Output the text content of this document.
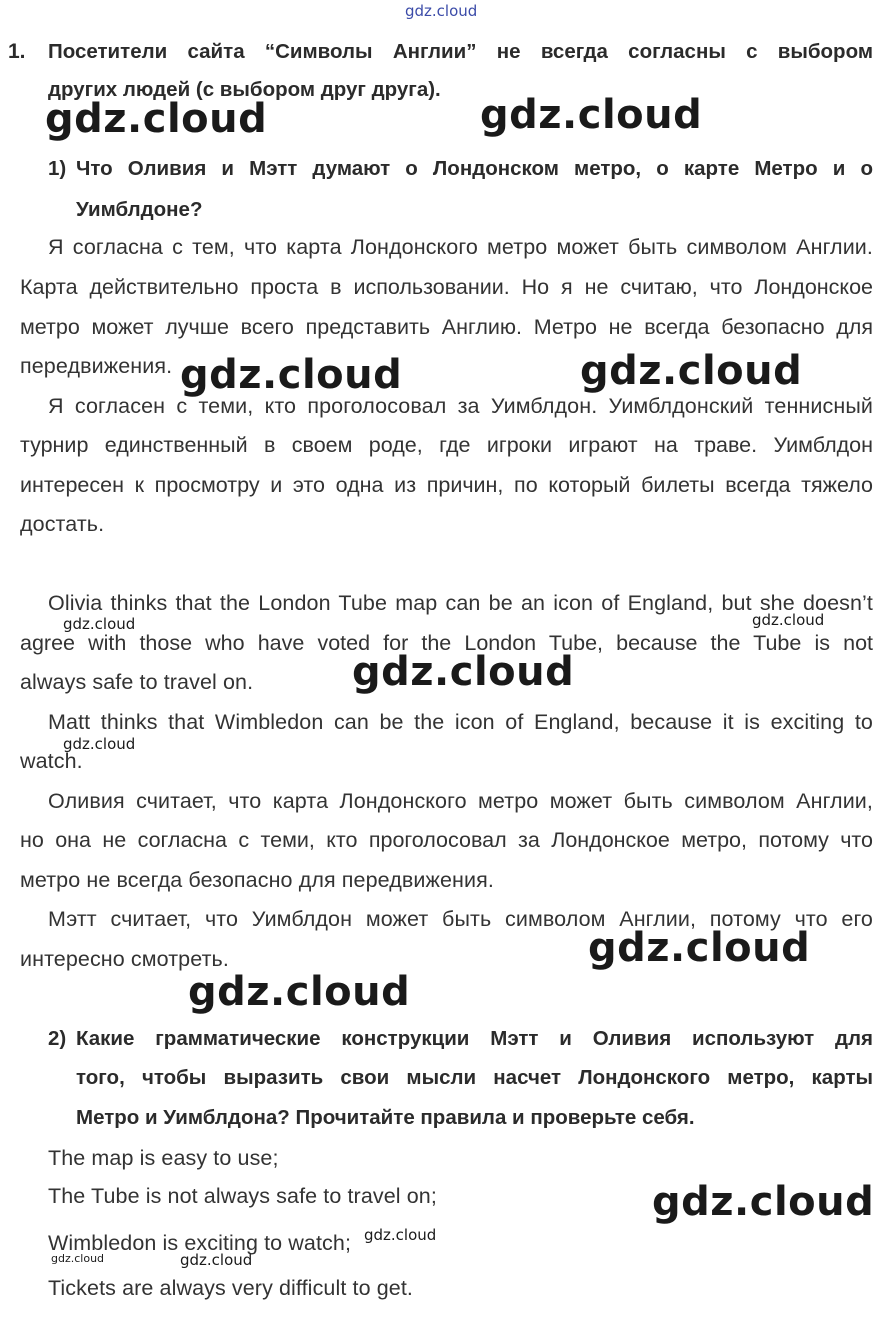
gdz.cloud
1. Посетители сайта “Символы Англии” не всегда согласны с выбором
других людей (с выбором друг друга).
1) Что Оливия и Мэтт думают о Лондонском метро, о карте Метро и о
Уимблдоне?
Я согласна с тем, что карта Лондонского метро может быть символом Англии.
Карта действительно проста в использовании. Но я не считаю, что Лондонское
метро может лучше всего представить Англию. Метро не всегда безопасно для
передвижения.
Я согласен с теми, кто проголосовал за Уимблдон. Уимблдонский теннисный
турнир единственный в своем роде, где игроки играют на траве. Уимблдон
интересен к просмотру и это одна из причин, по который билеты всегда тяжело
достать.
Olivia thinks that the London Tube map can be an icon of England, but she doesn’t
agree with those who have voted for the London Tube, because the Tube is not
always safe to travel on.
Matt thinks that Wimbledon can be the icon of England, because it is exciting to
watch.
Оливия считает, что карта Лондонского метро может быть символом Англии,
но она не согласна с теми, кто проголосовал за Лондонское метро, потому что
метро не всегда безопасно для передвижения.
Мэтт считает, что Уимблдон может быть символом Англии, потому что его
интересно смотреть.
2) Какие грамматические конструкции Мэтт и Оливия используют для
того, чтобы выразить свои мысли насчет Лондонского метро, карты
Метро и Уимблдона? Прочитайте правила и проверьте себя.
The map is easy to use;
The Tube is not always safe to travel on;
Wimbledon is exciting to watch;
Tickets are always very difficult to get.
gdz.cloud	gdz.cloud
gdz.cloud	gdz.cloud
gdz.cloud
gdz.cloud
gdz.cloud
gdz.cloud
gdz.cloud	gdz.cloud
gdz.cloud
gdz.cloud
gdz.cloud
gdz.cloud
